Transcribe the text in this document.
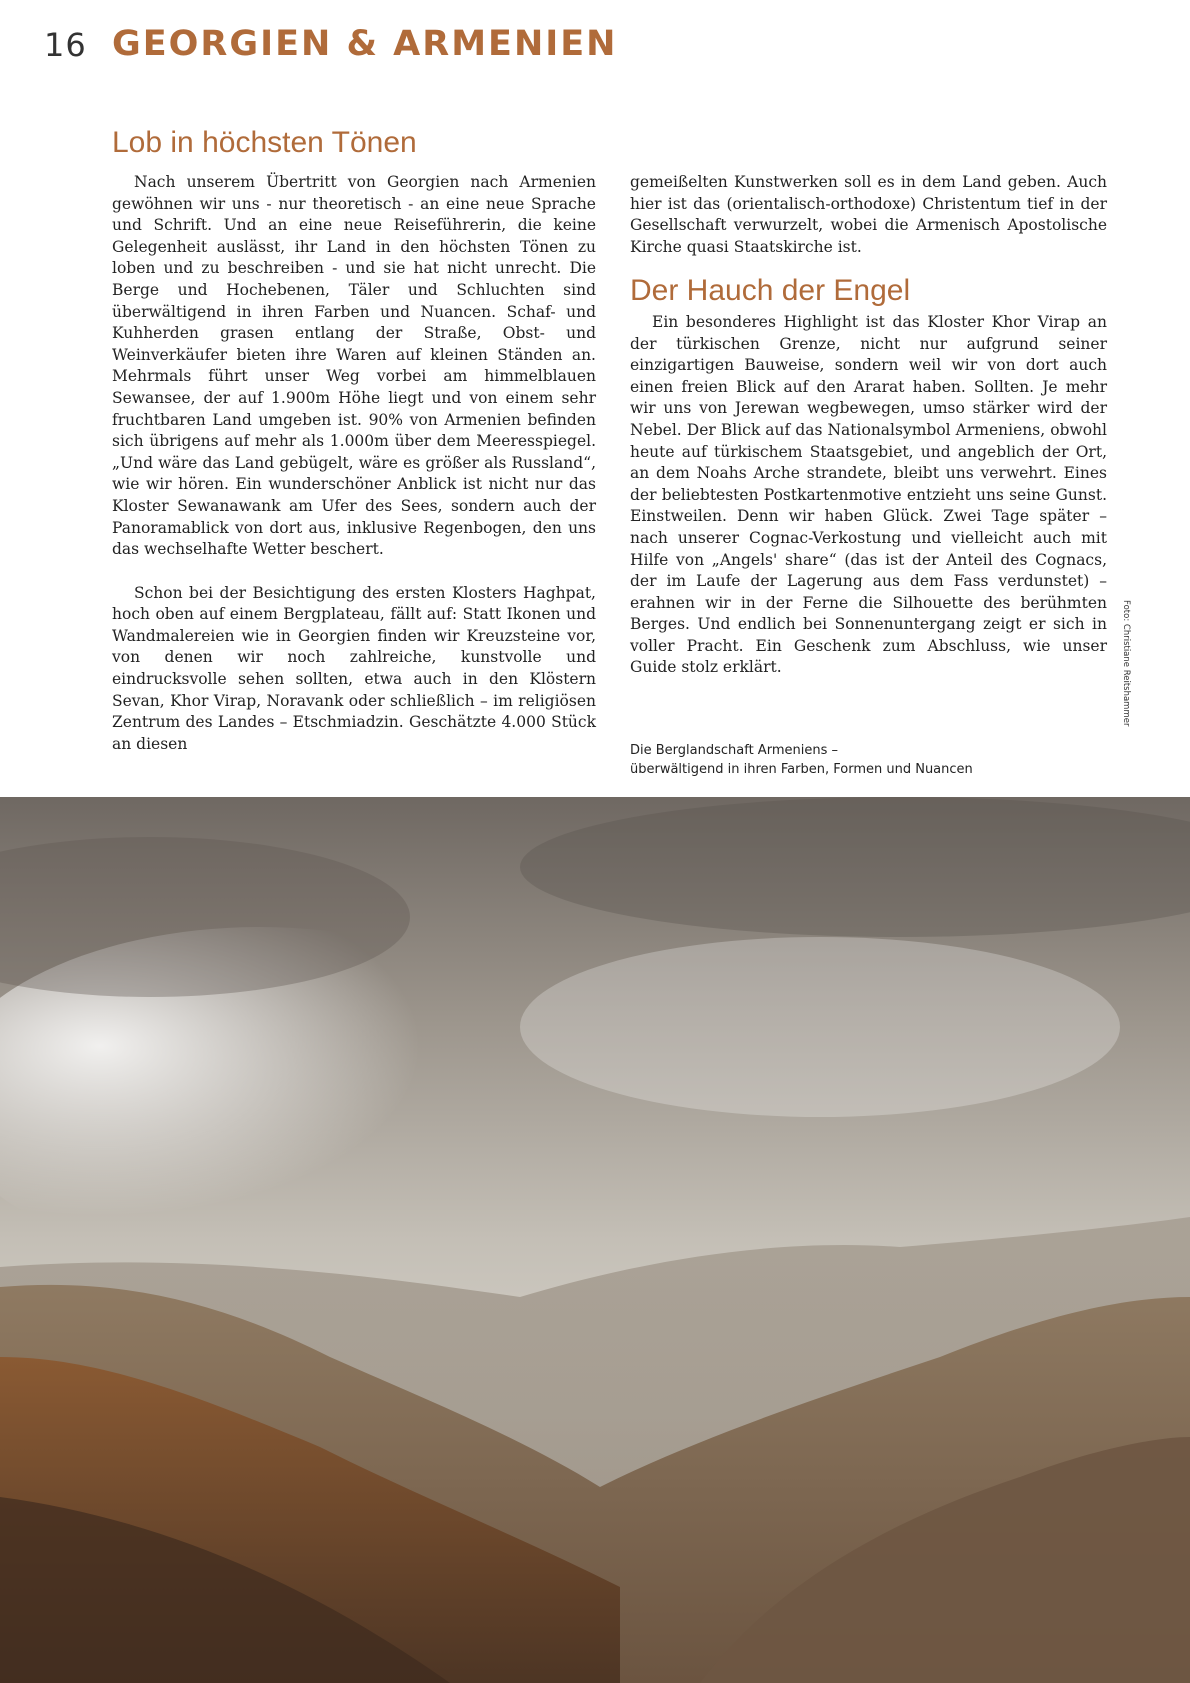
16 GEORGIEN & ARMENIEN
Lob in höchsten Tönen

Nach unserem Übertritt von Georgien nach Armenien gewöhnen wir uns - nur theoretisch - an eine neue Sprache und Schrift. Und an eine neue Reiseführerin, die keine Gelegenheit auslässt, ihr Land in den höchsten Tönen zu loben und zu beschreiben - und sie hat nicht unrecht. Die Berge und Hochebenen, Täler und Schluchten sind überwältigend in ihren Farben und Nuancen. Schaf- und Kuhherden grasen entlang der Straße, Obst- und Weinverkäufer bieten ihre Waren auf kleinen Ständen an. Mehrmals führt unser Weg vorbei am himmelblauen Sewansee, der auf 1.900m Höhe liegt und von einem sehr fruchtbaren Land umgeben ist. 90% von Armenien befinden sich übrigens auf mehr als 1.000m über dem Meeresspiegel. „Und wäre das Land gebügelt, wäre es größer als Russland“, wie wir hören. Ein wunderschöner Anblick ist nicht nur das Kloster Sewanawank am Ufer des Sees, sondern auch der Panoramablick von dort aus, inklusive Regenbogen, den uns das wechselhafte Wetter beschert.

Schon bei der Besichtigung des ersten Klosters Haghpat, hoch oben auf einem Bergplateau, fällt auf: Statt Ikonen und Wandmalereien wie in Georgien finden wir Kreuzsteine vor, von denen wir noch zahlreiche, kunstvolle und eindrucksvolle sehen sollten, etwa auch in den Klöstern Sevan, Khor Virap, Noravank oder schließlich – im religiösen Zentrum des Landes – Etschmiadzin. Geschätzte 4.000 Stück an diesen

gemeißelten Kunstwerken soll es in dem Land geben. Auch hier ist das (orientalisch-orthodoxe) Christentum tief in der Gesellschaft verwurzelt, wobei die Armenisch Apostolische Kirche quasi Staatskirche ist.

Der Hauch der Engel

Ein besonderes Highlight ist das Kloster Khor Virap an der türkischen Grenze, nicht nur aufgrund seiner einzigartigen Bauweise, sondern weil wir von dort auch einen freien Blick auf den Ararat haben. Sollten. Je mehr wir uns von Jerewan wegbewegen, umso stärker wird der Nebel. Der Blick auf das Nationalsymbol Armeniens, obwohl heute auf türkischem Staatsgebiet, und angeblich der Ort, an dem Noahs Arche strandete, bleibt uns verwehrt. Eines der beliebtesten Postkartenmotive entzieht uns seine Gunst. Einstweilen. Denn wir haben Glück. Zwei Tage später – nach unserer Cognac-Verkostung und vielleicht auch mit Hilfe von „Angels' share“ (das ist der Anteil des Cognacs, der im Laufe der Lagerung aus dem Fass verdunstet) – erahnen wir in der Ferne die Silhouette des berühmten Berges. Und endlich bei Sonnenuntergang zeigt er sich in voller Pracht. Ein Geschenk zum Abschluss, wie unser Guide stolz erklärt.	Foto: Christiane Reitshammer
Die Berglandschaft Armeniens –
überwältigend in ihren Farben, Formen und Nuancen
